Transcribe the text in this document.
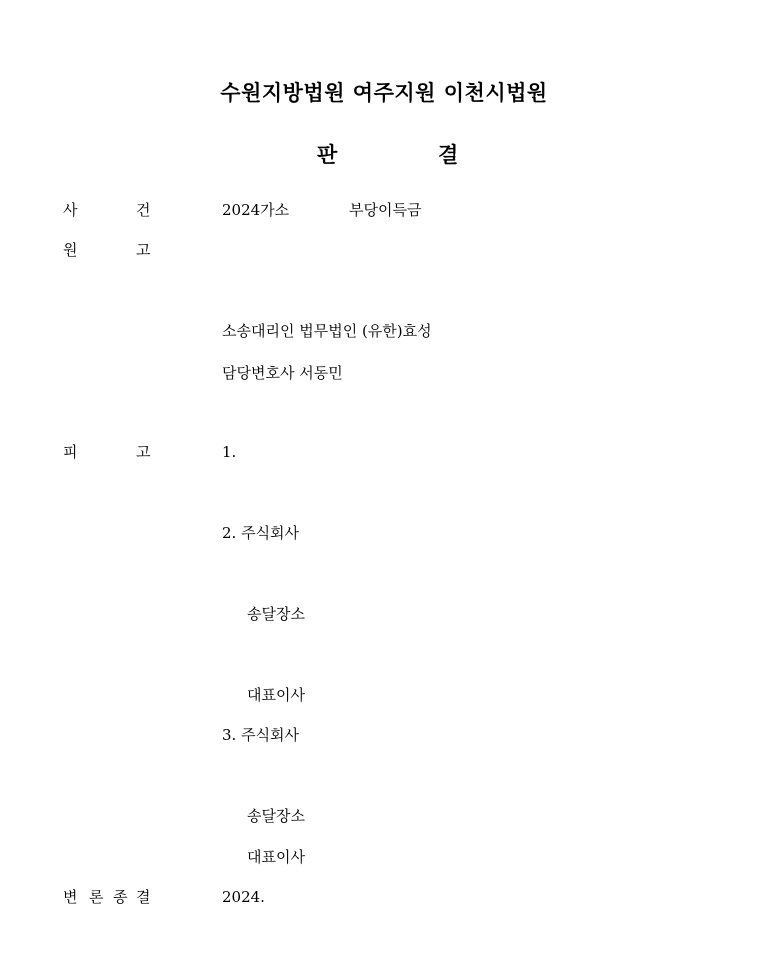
수원지방법원 여주지원 이천시법원
판	결
사	건	2024가소	부당이득금
원	고
소송대리인 법무법인 (유한)효성
담당변호사 서동민
피	고	1.
2. 주식회사
송달장소
대표이사
3. 주식회사
송달장소
대표이사
변 론 종 결	2024.
